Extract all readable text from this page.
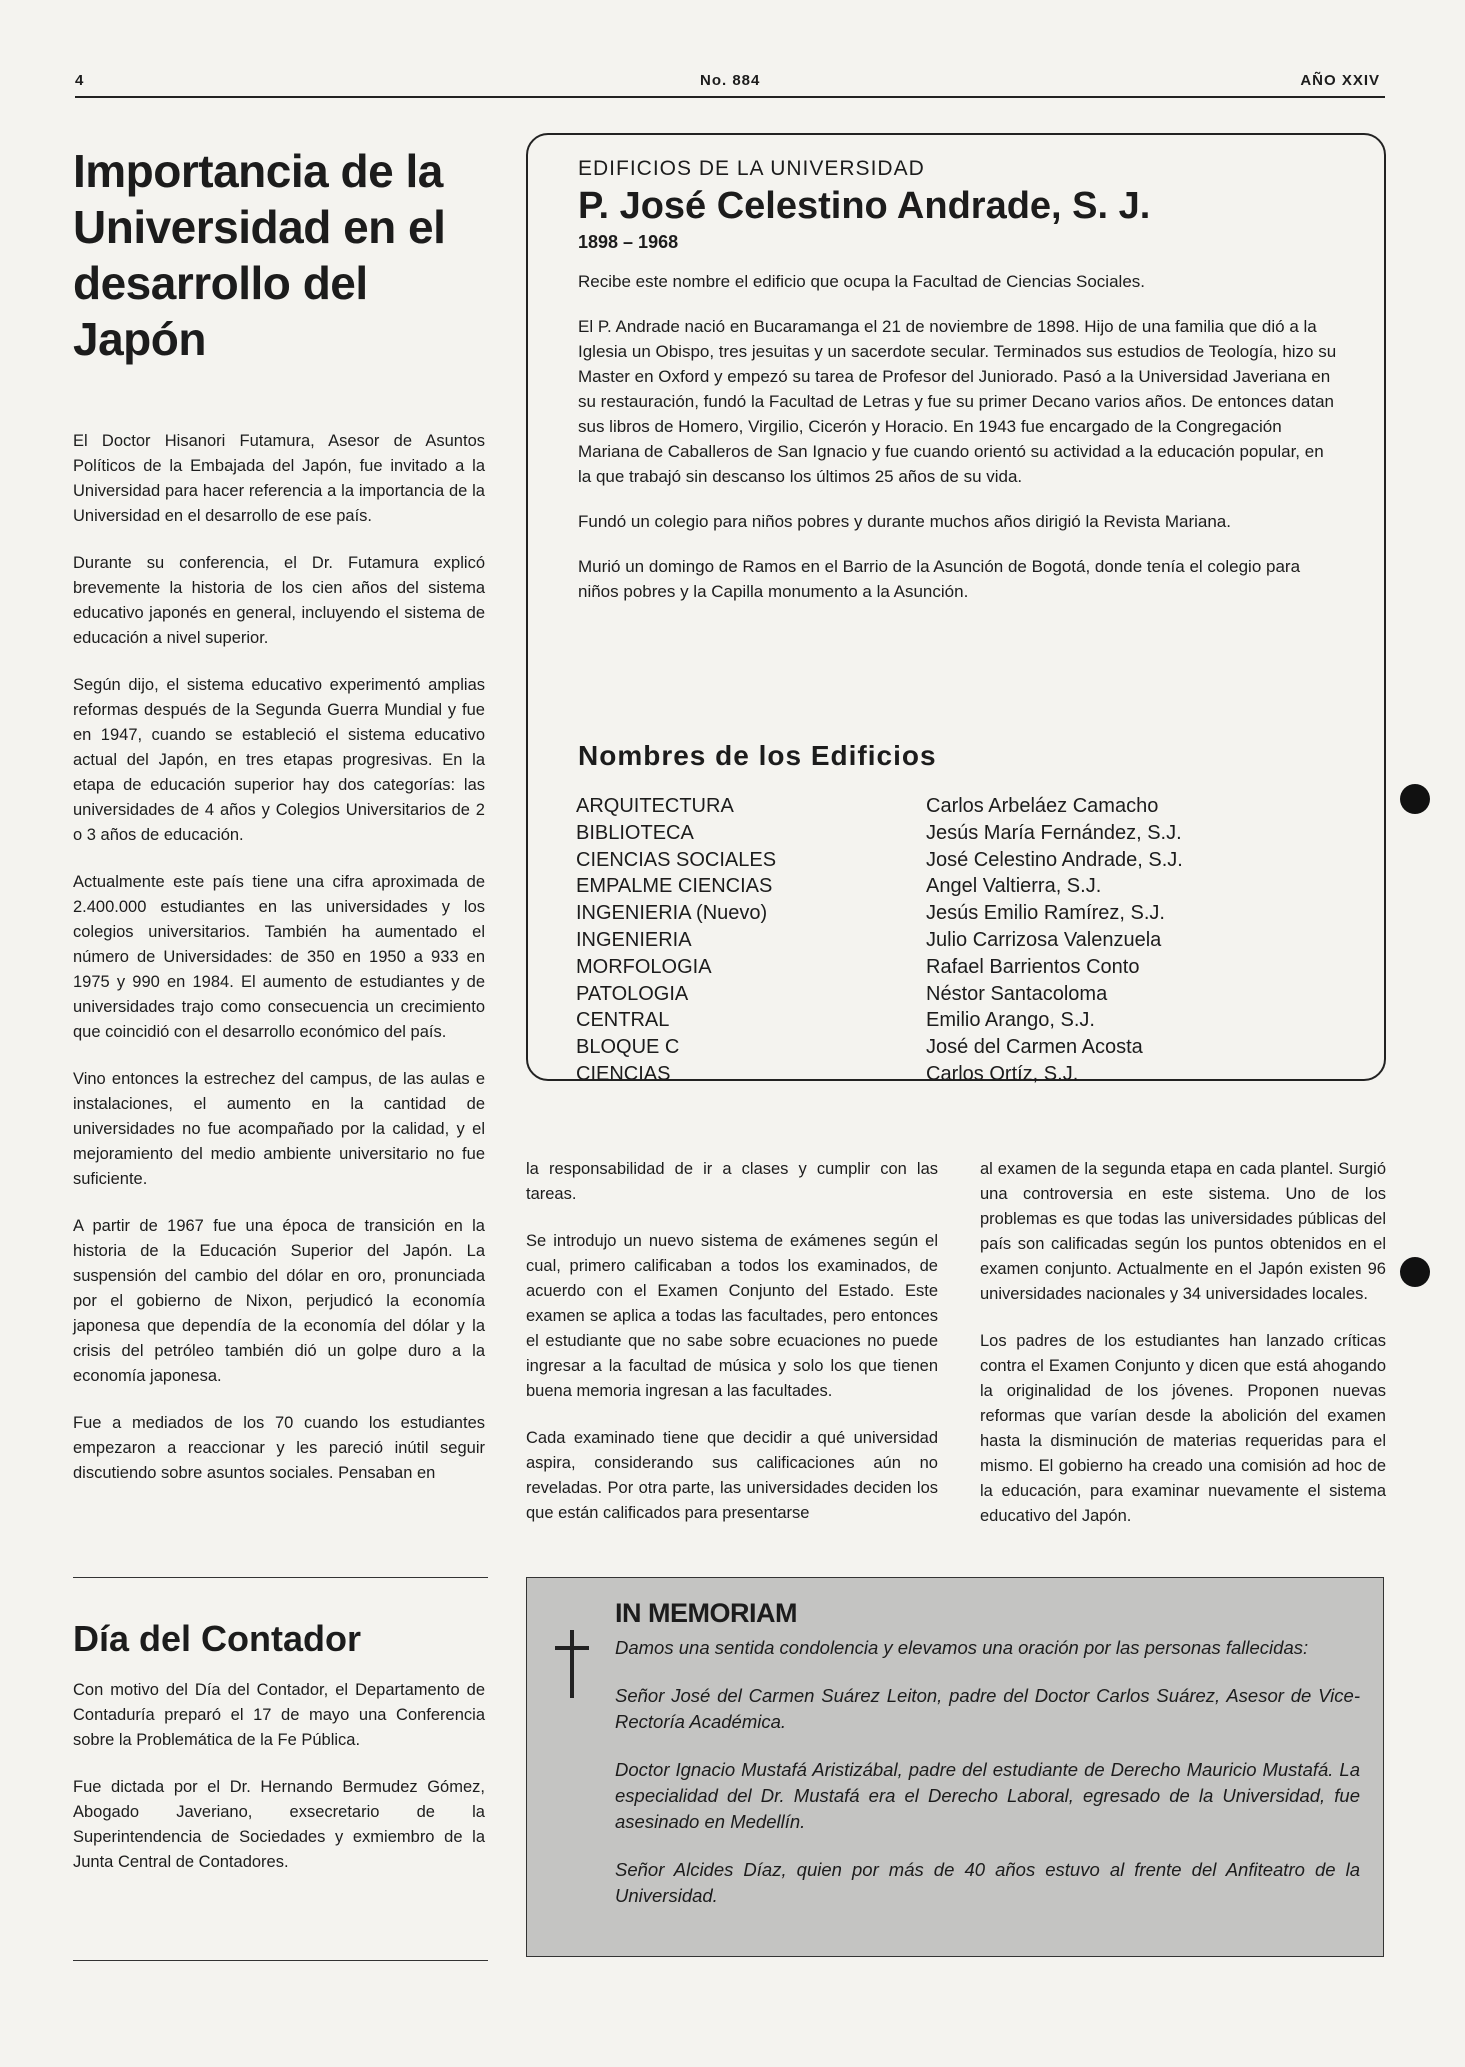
4	No. 884	AÑO XXIV
Importancia de la Universidad en el desarrollo del Japón

El Doctor Hisanori Futamura, Asesor de Asuntos Políticos de la Embajada del Japón, fue invitado a la Universidad para hacer referencia a la importancia de la Universidad en el desarrollo de ese país.

Durante su conferencia, el Dr. Futamura explicó brevemente la historia de los cien años del sistema educativo japonés en general, incluyendo el sistema de educación a nivel superior.

Según dijo, el sistema educativo experimentó amplias reformas después de la Segunda Guerra Mundial y fue en 1947, cuando se estableció el sistema educativo actual del Japón, en tres etapas progresivas. En la etapa de educación superior hay dos categorías: las universidades de 4 años y Colegios Universitarios de 2 o 3 años de educación.

Actualmente este país tiene una cifra aproximada de 2.400.000 estudiantes en las universidades y los colegios universitarios. También ha aumentado el número de Universidades: de 350 en 1950 a 933 en 1975 y 990 en 1984. El aumento de estudiantes y de universidades trajo como consecuencia un crecimiento que coincidió con el desarrollo económico del país.

Vino entonces la estrechez del campus, de las aulas e instalaciones, el aumento en la cantidad de universidades no fue acompañado por la calidad, y el mejoramiento del medio ambiente universitario no fue suficiente.

A partir de 1967 fue una época de transición en la historia de la Educación Superior del Japón. La suspensión del cambio del dólar en oro, pronunciada por el gobierno de Nixon, perjudicó la economía japonesa que dependía de la economía del dólar y la crisis del petróleo también dió un golpe duro a la economía japonesa.

Fue a mediados de los 70 cuando los estudiantes empezaron a reaccionar y les pareció inútil seguir discutiendo sobre asuntos sociales. Pensaban en

Día del Contador

Con motivo del Día del Contador, el Departamento de Contaduría preparó el 17 de mayo una Conferencia sobre la Problemática de la Fe Pública.

Fue dictada por el Dr. Hernando Bermudez Gómez, Abogado Javeriano, exsecretario de la Superintendencia de Sociedades y exmiembro de la Junta Central de Contadores.

EDIFICIOS DE LA UNIVERSIDAD
P. José Celestino Andrade, S. J.
1898 – 1968

Recibe este nombre el edificio que ocupa la Facultad de Ciencias Sociales.

El P. Andrade nació en Bucaramanga el 21 de noviembre de 1898. Hijo de una familia que dió a la Iglesia un Obispo, tres jesuitas y un sacerdote secular. Terminados sus estudios de Teología, hizo su Master en Oxford y empezó su tarea de Profesor del Juniorado. Pasó a la Universidad Javeriana en su restauración, fundó la Facultad de Letras y fue su primer Decano varios años. De entonces datan sus libros de Homero, Virgilio, Cicerón y Horacio. En 1943 fue encargado de la Congregación Mariana de Caballeros de San Ignacio y fue cuando orientó su actividad a la educación popular, en la que trabajó sin descanso los últimos 25 años de su vida.

Fundó un colegio para niños pobres y durante muchos años dirigió la Revista Mariana.

Murió un domingo de Ramos en el Barrio de la Asunción de Bogotá, donde tenía el colegio para niños pobres y la Capilla monumento a la Asunción.

Nombres de los Edificios
ARQUITECTURA
BIBLIOTECA
CIENCIAS SOCIALES
EMPALME CIENCIAS
INGENIERIA (Nuevo)
INGENIERIA
MORFOLOGIA
PATOLOGIA
CENTRAL
BLOQUE C
CIENCIAS
Carlos Arbeláez Camacho
Jesús María Fernández, S.J.
José Celestino Andrade, S.J.
Angel Valtierra, S.J.
Jesús Emilio Ramírez, S.J.
Julio Carrizosa Valenzuela
Rafael Barrientos Conto
Néstor Santacoloma
Emilio Arango, S.J.
José del Carmen Acosta
Carlos Ortíz, S.J.

la responsabilidad de ir a clases y cumplir con las tareas.

Se introdujo un nuevo sistema de exámenes según el cual, primero calificaban a todos los examinados, de acuerdo con el Examen Conjunto del Estado. Este examen se aplica a todas las facultades, pero entonces el estudiante que no sabe sobre ecuaciones no puede ingresar a la facultad de música y solo los que tienen buena memoria ingresan a las facultades.

Cada examinado tiene que decidir a qué universidad aspira, considerando sus calificaciones aún no reveladas. Por otra parte, las universidades deciden los que están calificados para presentarse

al examen de la segunda etapa en cada plantel. Surgió una controversia en este sistema. Uno de los problemas es que todas las universidades públicas del país son calificadas según los puntos obtenidos en el examen conjunto. Actualmente en el Japón existen 96 universidades nacionales y 34 universidades locales.

Los padres de los estudiantes han lanzado críticas contra el Examen Conjunto y dicen que está ahogando la originalidad de los jóvenes. Proponen nuevas reformas que varían desde la abolición del examen hasta la disminución de materias requeridas para el mismo. El gobierno ha creado una comisión ad hoc de la educación, para examinar nuevamente el sistema educativo del Japón.

IN MEMORIAM

Damos una sentida condolencia y elevamos una oración por las personas fallecidas:

Señor José del Carmen Suárez Leiton, padre del Doctor Carlos Suárez, Asesor de Vice-Rectoría Académica.

Doctor Ignacio Mustafá Aristizábal, padre del estudiante de Derecho Mauricio Mustafá. La especialidad del Dr. Mustafá era el Derecho Laboral, egresado de la Universidad, fue asesinado en Medellín.

Señor Alcides Díaz, quien por más de 40 años estuvo al frente del Anfiteatro de la Universidad.
